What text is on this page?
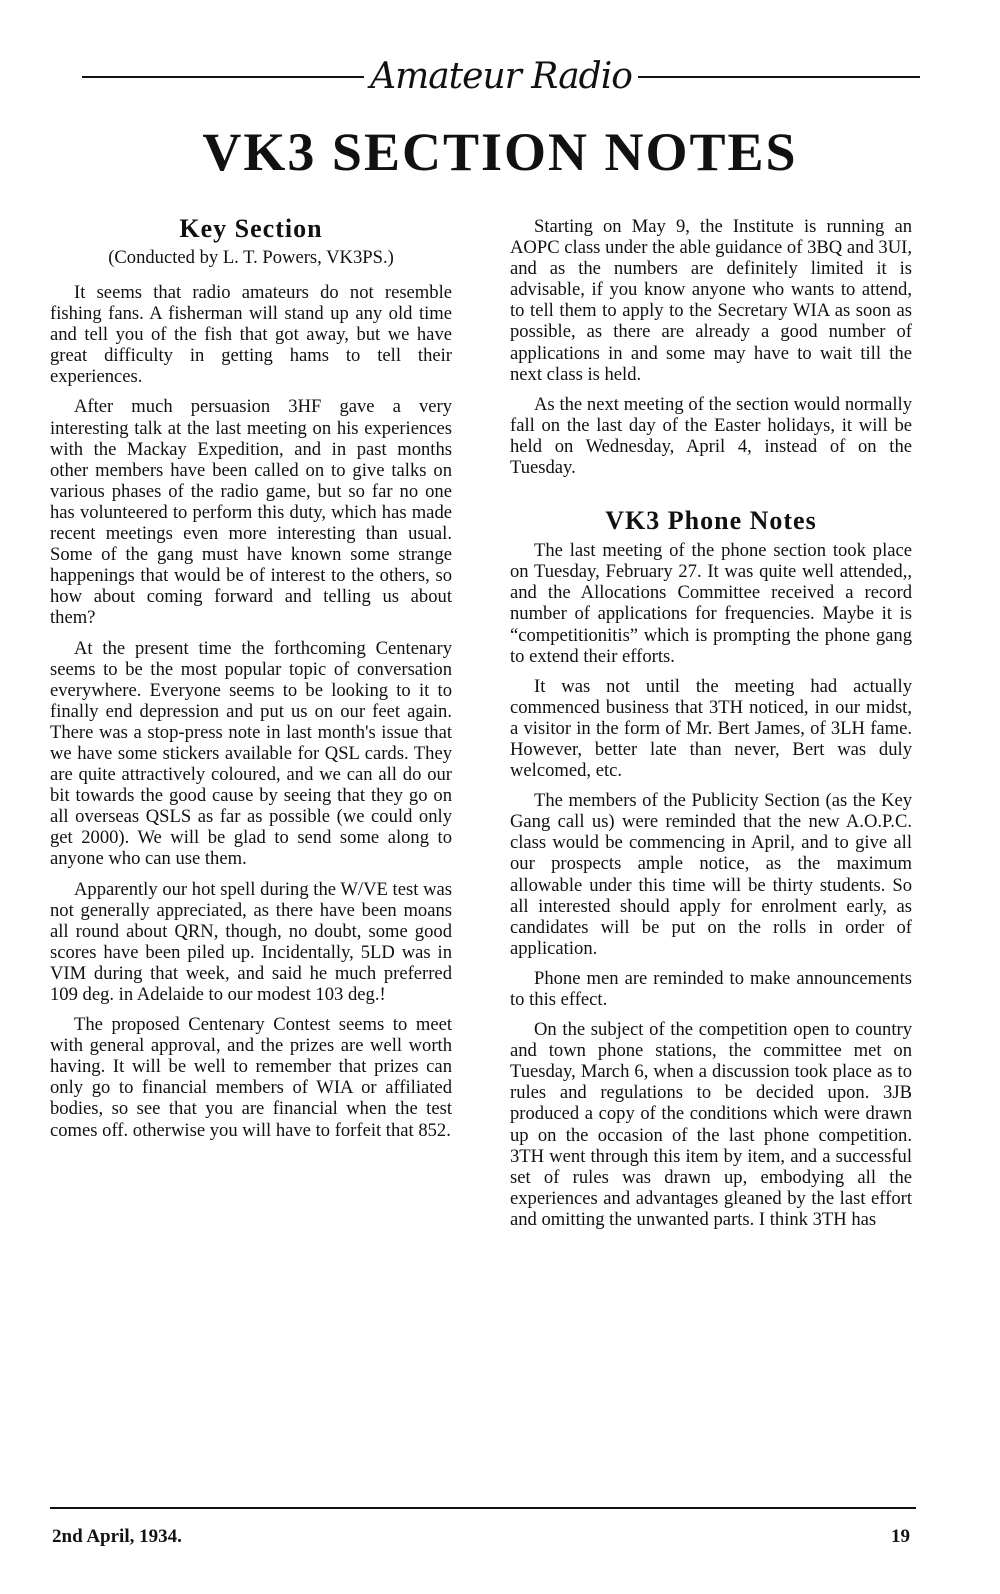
Amateur Radio
VK3 SECTION NOTES
Key Section
(Conducted by L. T. Powers, VK3PS.)

It seems that radio amateurs do not resemble fishing fans. A fisherman will stand up any old time and tell you of the fish that got away, but we have great difficulty in getting hams to tell their experiences.

After much persuasion 3HF gave a very interesting talk at the last meeting on his experiences with the Mackay Expedition, and in past months other members have been called on to give talks on various phases of the radio game, but so far no one has volunteered to perform this duty, which has made recent meetings even more interesting than usual. Some of the gang must have known some strange happenings that would be of interest to the others, so how about coming forward and telling us about them?

At the present time the forthcoming Centenary seems to be the most popular topic of conversation everywhere. Everyone seems to be looking to it to finally end depression and put us on our feet again. There was a stop-press note in last month's issue that we have some stickers available for QSL cards. They are quite attractively coloured, and we can all do our bit towards the good cause by seeing that they go on all overseas QSLS as far as possible (we could only get 2000). We will be glad to send some along to anyone who can use them.

Apparently our hot spell during the W/VE test was not generally appreciated, as there have been moans all round about QRN, though, no doubt, some good scores have been piled up. Incidentally, 5LD was in VIM during that week, and said he much preferred 109 deg. in Adelaide to our modest 103 deg.!

The proposed Centenary Contest seems to meet with general approval, and the prizes are well worth having. It will be well to remember that prizes can only go to financial members of WIA or affiliated bodies, so see that you are financial when the test comes off. otherwise you will have to forfeit that 852.

Starting on May 9, the Institute is running an AOPC class under the able guidance of 3BQ and 3UI, and as the numbers are definitely limited it is advisable, if you know anyone who wants to attend, to tell them to apply to the Secretary WIA as soon as possible, as there are already a good number of applications in and some may have to wait till the next class is held.

As the next meeting of the section would normally fall on the last day of the Easter holidays, it will be held on Wednesday, April 4, instead of on the Tuesday.

VK3 Phone Notes

The last meeting of the phone section took place on Tuesday, February 27. It was quite well attended,, and the Allocations Committee received a record number of applications for frequencies. Maybe it is “competitionitis” which is prompting the phone gang to extend their efforts.

It was not until the meeting had actually commenced business that 3TH noticed, in our midst, a visitor in the form of Mr. Bert James, of 3LH fame. However, better late than never, Bert was duly welcomed, etc.

The members of the Publicity Section (as the Key Gang call us) were reminded that the new A.O.P.C. class would be commencing in April, and to give all our prospects ample notice, as the maximum allowable under this time will be thirty students. So all interested should apply for enrolment early, as candidates will be put on the rolls in order of application.

Phone men are reminded to make announcements to this effect.

On the subject of the competition open to country and town phone stations, the committee met on Tuesday, March 6, when a discussion took place as to rules and regulations to be decided upon. 3JB produced a copy of the conditions which were drawn up on the occasion of the last phone competition. 3TH went through this item by item, and a successful set of rules was drawn up, embodying all the experiences and advantages gleaned by the last effort and omitting the unwanted parts. I think 3TH has

2nd April, 1934.	19
